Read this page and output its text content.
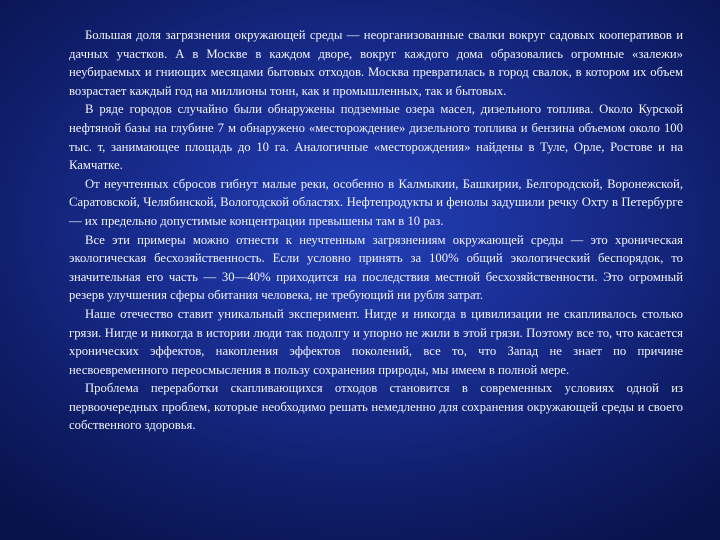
Большая доля загрязнения окружающей среды — неорганизованные свалки вокруг садовых кооперативов и дачных участков. А в Москве в каждом дворе, вокруг каждого дома образовались огромные «залежи» неубираемых и гниющих месяцами бытовых отходов. Москва превратилась в город свалок, в котором их объем возрастает каждый год на миллионы тонн, как и промышленных, так и бытовых.

В ряде городов случайно были обнаружены подземные озера масел, дизельного топлива. Около Курской нефтяной базы на глубине 7 м обнаружено «месторождение» дизельного топлива и бензина объемом около 100 тыс. т, занимающее площадь до 10 га. Аналогичные «месторождения» найдены в Туле, Орле, Ростове и на Камчатке.

От неучтенных сбросов гибнут малые реки, особенно в Калмыкии, Башкирии, Белгородской, Воронежской, Саратовской, Челябинской, Вологодской областях. Нефтепродукты и фенолы задушили речку Охту в Петербурге — их предельно допустимые концентрации превышены там в 10 раз.

Все эти примеры можно отнести к неучтенным загрязнениям окружающей среды — это хроническая экологическая бесхозяйственность. Если условно принять за 100% общий экологический беспорядок, то значительная его часть — 30—40% приходится на последствия местной бесхозяйственности. Это огромный резерв улучшения сферы обитания человека, не требующий ни рубля затрат.

Наше отечество ставит уникальный эксперимент. Нигде и никогда в цивилизации не скапливалось столько грязи. Нигде и никогда в истории люди так подолгу и упорно не жили в этой грязи. Поэтому все то, что касается хронических эффектов, накопления эффектов поколений, все то, что Запад не знает по причине несвоевременного переосмысления в пользу сохранения природы, мы имеем в полной мере.

Проблема переработки скапливающихся отходов становится в современных условиях одной из первоочередных проблем, которые необходимо решать немедленно для сохранения окружающей среды и своего собственного здоровья.
